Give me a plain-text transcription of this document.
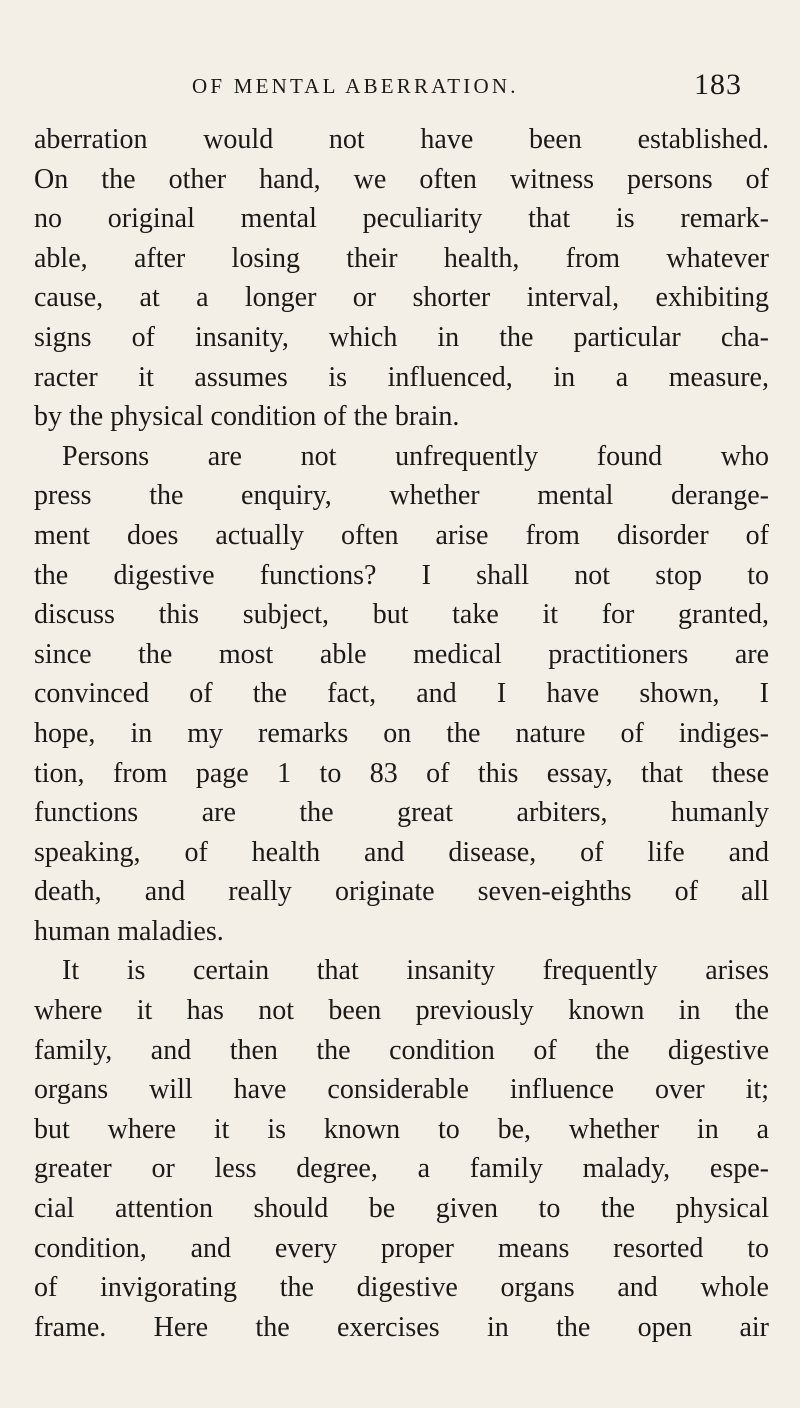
OF MENTAL ABERRATION.	183
aberration would not have been established.
On the other hand, we often witness persons of
no original mental peculiarity that is remark-
able, after losing their health, from whatever
cause, at a longer or shorter interval, exhibiting
signs of insanity, which in the particular cha-
racter it assumes is influenced, in a measure,
by the physical condition of the brain.
Persons are not unfrequently found who
press the enquiry, whether mental derange-
ment does actually often arise from disorder of
the digestive functions? I shall not stop to
discuss this subject, but take it for granted,
since the most able medical practitioners are
convinced of the fact, and I have shown, I
hope, in my remarks on the nature of indiges-
tion, from page 1 to 83 of this essay, that these
functions are the great arbiters, humanly
speaking, of health and disease, of life and
death, and really originate seven-eighths of all
human maladies.
It is certain that insanity frequently arises
where it has not been previously known in the
family, and then the condition of the digestive
organs will have considerable influence over it;
but where it is known to be, whether in a
greater or less degree, a family malady, espe-
cial attention should be given to the physical
condition, and every proper means resorted to
of invigorating the digestive organs and whole
frame. Here the exercises in the open air
